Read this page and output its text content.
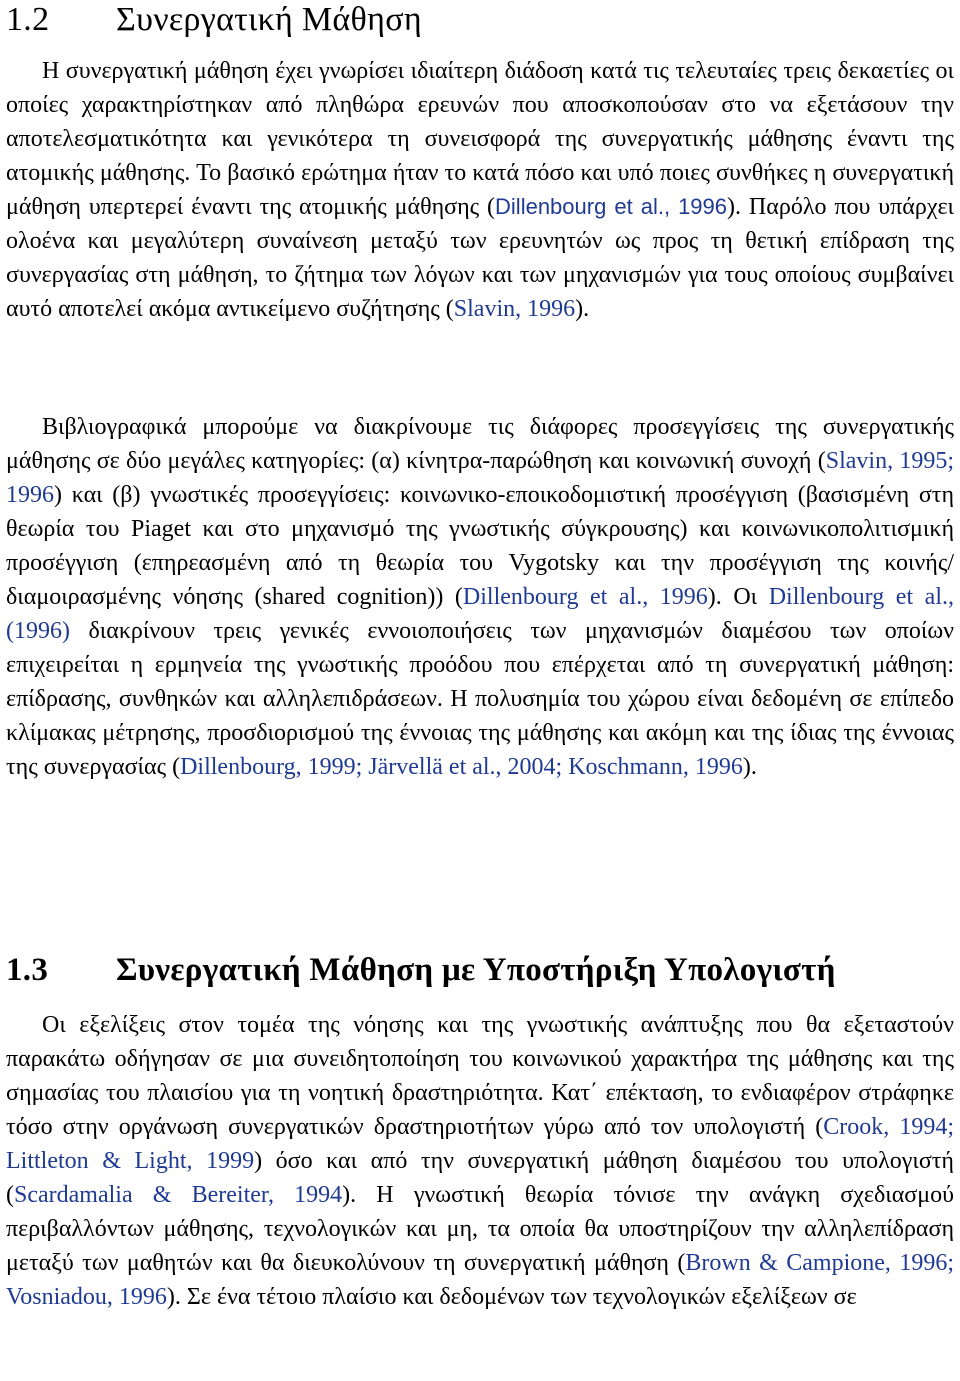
1.2 Συνεργατική Μάθηση

Η συνεργατική μάθηση έχει γνωρίσει ιδιαίτερη διάδοση κατά τις τελευταίες τρεις δεκαετίες οι οποίες χαρακτηρίστηκαν από πληθώρα ερευνών που αποσκοπούσαν στο να εξετάσουν την αποτελεσματικότητα και γενικότερα τη συνεισφορά της συνεργατικής μάθησης έναντι της ατομικής μάθησης. Το βασικό ερώτημα ήταν το κατά πόσο και υπό ποιες συνθήκες η συνεργατική μάθηση υπερτερεί έναντι της ατομικής μάθησης (Dillenbourg et al., 1996). Παρόλο που υπάρχει ολοένα και μεγαλύτερη συναίνεση μεταξύ των ερευνητών ως προς τη θετική επίδραση της συνεργασίας στη μάθηση, το ζήτημα των λόγων και των μηχανισμών για τους οποίους συμβαίνει αυτό αποτελεί ακόμα αντικείμενο συζήτησης (Slavin, 1996).

Βιβλιογραφικά μπορούμε να διακρίνουμε τις διάφορες προσεγγίσεις της συνεργατικής μάθησης σε δύο μεγάλες κατηγορίες: (α) κίνητρα-παρώθηση και κοινωνική συνοχή (Slavin, 1995; 1996) και (β) γνωστικές προσεγγίσεις: κοινωνικο-εποικοδομιστική προσέγγιση (βασισμένη στη θεωρία του Piaget και στο μηχανισμό της γνωστικής σύγκρουσης) και κοινωνικοπολιτισμική προσέγγιση (επηρεασμένη από τη θεωρία του Vygotsky και την προσέγγιση της κοινής/διαμοιρασμένης νόησης (shared cognition)) (Dillenbourg et al., 1996). Οι Dillenbourg et al., (1996) διακρίνουν τρεις γενικές εννοιοποιήσεις των μηχανισμών διαμέσου των οποίων επιχειρείται η ερμηνεία της γνωστικής προόδου που επέρχεται από τη συνεργατική μάθηση: επίδρασης, συνθηκών και αλληλεπιδράσεων. Η πολυσημία του χώρου είναι δεδομένη σε επίπεδο κλίμακας μέτρησης, προσδιορισμού της έννοιας της μάθησης και ακόμη και της ίδιας της έννοιας της συνεργασίας (Dillenbourg, 1999; Järvellä et al., 2004; Koschmann, 1996).

1.3 Συνεργατική Μάθηση με Υποστήριξη Υπολογιστή

Οι εξελίξεις στον τομέα της νόησης και της γνωστικής ανάπτυξης που θα εξεταστούν παρακάτω οδήγησαν σε μια συνειδητοποίηση του κοινωνικού χαρακτήρα της μάθησης και της σημασίας του πλαισίου για τη νοητική δραστηριότητα. Κατ΄ επέκταση, το ενδιαφέρον στράφηκε τόσο στην οργάνωση συνεργατικών δραστηριοτήτων γύρω από τον υπολογιστή (Crook, 1994; Littleton & Light, 1999) όσο και από την συνεργατική μάθηση διαμέσου του υπολογιστή (Scardamalia & Bereiter, 1994). Η γνωστική θεωρία τόνισε την ανάγκη σχεδιασμού περιβαλλόντων μάθησης, τεχνολογικών και μη, τα οποία θα υποστηρίζουν την αλληλεπίδραση μεταξύ των μαθητών και θα διευκολύνουν τη συνεργατική μάθηση (Brown & Campione, 1996; Vosniadou, 1996). Σε ένα τέτοιο πλαίσιο και δεδομένων των τεχνολογικών εξελίξεων σε
